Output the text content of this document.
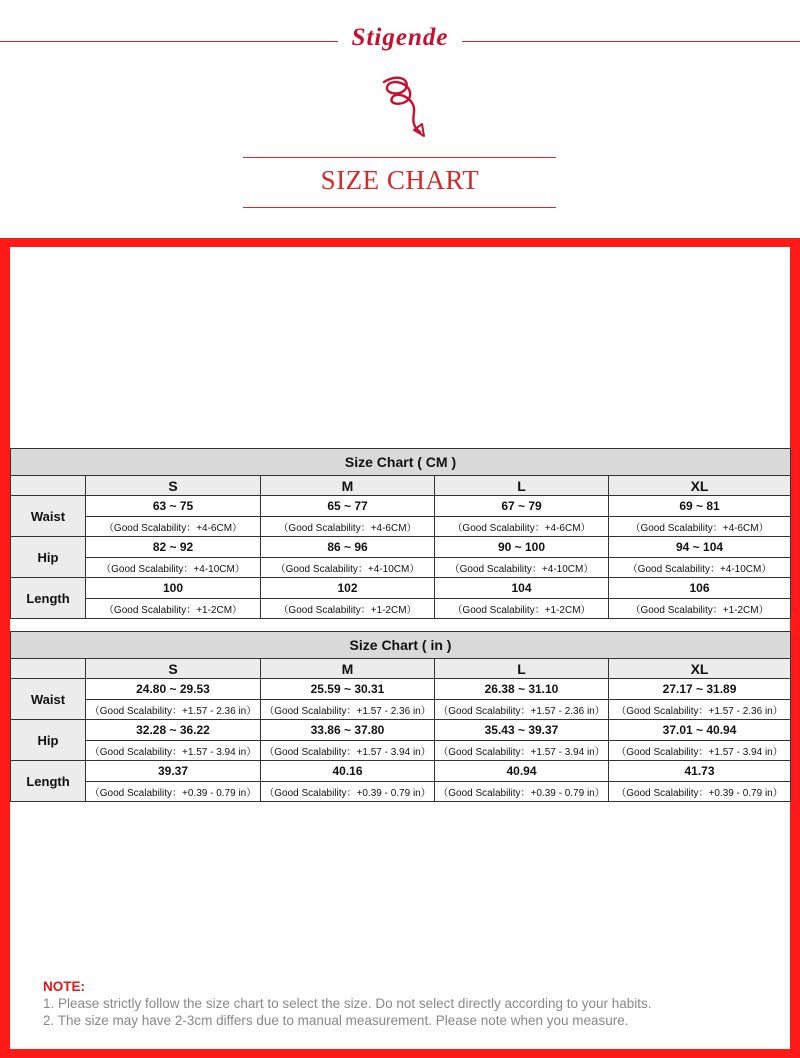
Stigende
SIZE CHART
Size Chart ( CM )				
	S	M	L	XL
Waist	63 ~ 75	65 ~ 77	67 ~ 79	69 ~ 81
	（Good Scalability：+4-6CM）	（Good Scalability：+4-6CM）	（Good Scalability：+4-6CM）	（Good Scalability：+4-6CM）
Hip	82 ~ 92	86 ~ 96	90 ~ 100	94 ~ 104
	（Good Scalability：+4-10CM）	（Good Scalability：+4-10CM）	（Good Scalability：+4-10CM）	（Good Scalability：+4-10CM）
Length	100	102	104	106
	（Good Scalability：+1-2CM）	（Good Scalability：+1-2CM）	（Good Scalability：+1-2CM）	（Good Scalability：+1-2CM）
Size Chart ( in )				
	S	M	L	XL
Waist	24.80 ~ 29.53	25.59 ~ 30.31	26.38 ~ 31.10	27.17 ~ 31.89
	（Good Scalability：+1.57 - 2.36 in）	（Good Scalability：+1.57 - 2.36 in）	（Good Scalability：+1.57 - 2.36 in）	（Good Scalability：+1.57 - 2.36 in）
Hip	32.28 ~ 36.22	33.86 ~ 37.80	35.43 ~ 39.37	37.01 ~ 40.94
	（Good Scalability：+1.57 - 3.94 in）	（Good Scalability：+1.57 - 3.94 in）	（Good Scalability：+1.57 - 3.94 in）	（Good Scalability：+1.57 - 3.94 in）
Length	39.37	40.16	40.94	41.73
	（Good Scalability：+0.39 - 0.79 in）	（Good Scalability：+0.39 - 0.79 in）	（Good Scalability：+0.39 - 0.79 in）	（Good Scalability：+0.39 - 0.79 in）
NOTE:
1. Please strictly follow the size chart to select the size. Do not select directly according to your habits.
2. The size may have 2-3cm differs due to manual measurement. Please note when you measure.
